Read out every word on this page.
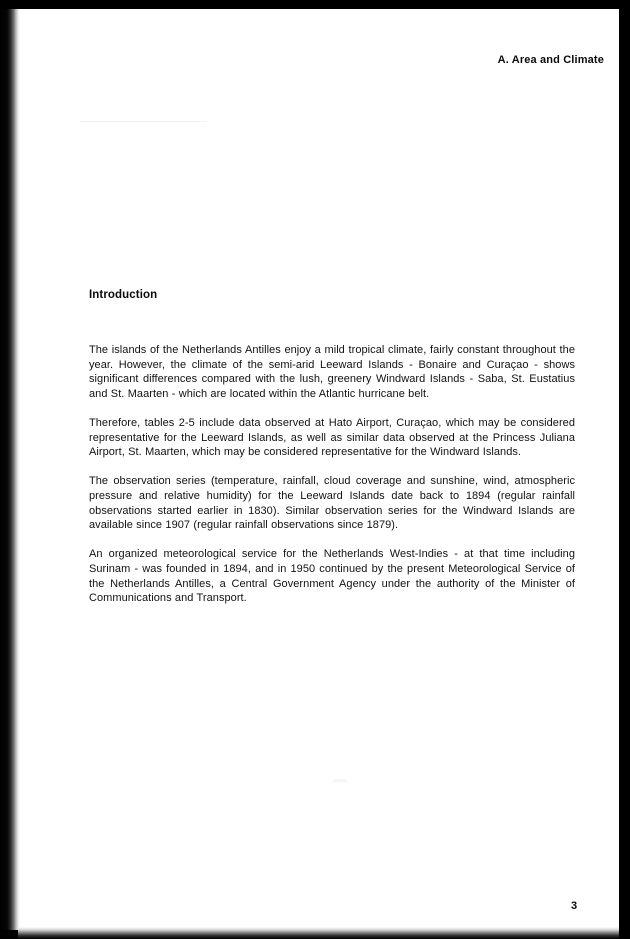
A. Area and Climate
Introduction

The islands of the Netherlands Antilles enjoy a mild tropical climate, fairly constant throughout the year. However, the climate of the semi-arid Leeward Islands - Bonaire and Curaçao - shows significant differences compared with the lush, greenery Windward Islands - Saba, St. Eustatius and St. Maarten - which are located within the Atlantic hurricane belt.

Therefore, tables 2-5 include data observed at Hato Airport, Curaçao, which may be considered representative for the Leeward Islands, as well as similar data observed at the Princess Juliana Airport, St. Maarten, which may be considered representative for the Windward Islands.

The observation series (temperature, rainfall, cloud coverage and sunshine, wind, atmospheric pressure and relative humidity) for the Leeward Islands date back to 1894 (regular rainfall observations started earlier in 1830). Similar observation series for the Windward Islands are available since 1907 (regular rainfall observations since 1879).

An organized meteorological service for the Netherlands West-Indies - at that time including Surinam - was founded in 1894, and in 1950 continued by the present Meteorological Service of the Netherlands Antilles, a Central Government Agency under the authority of the Minister of Communications and Transport.

3
